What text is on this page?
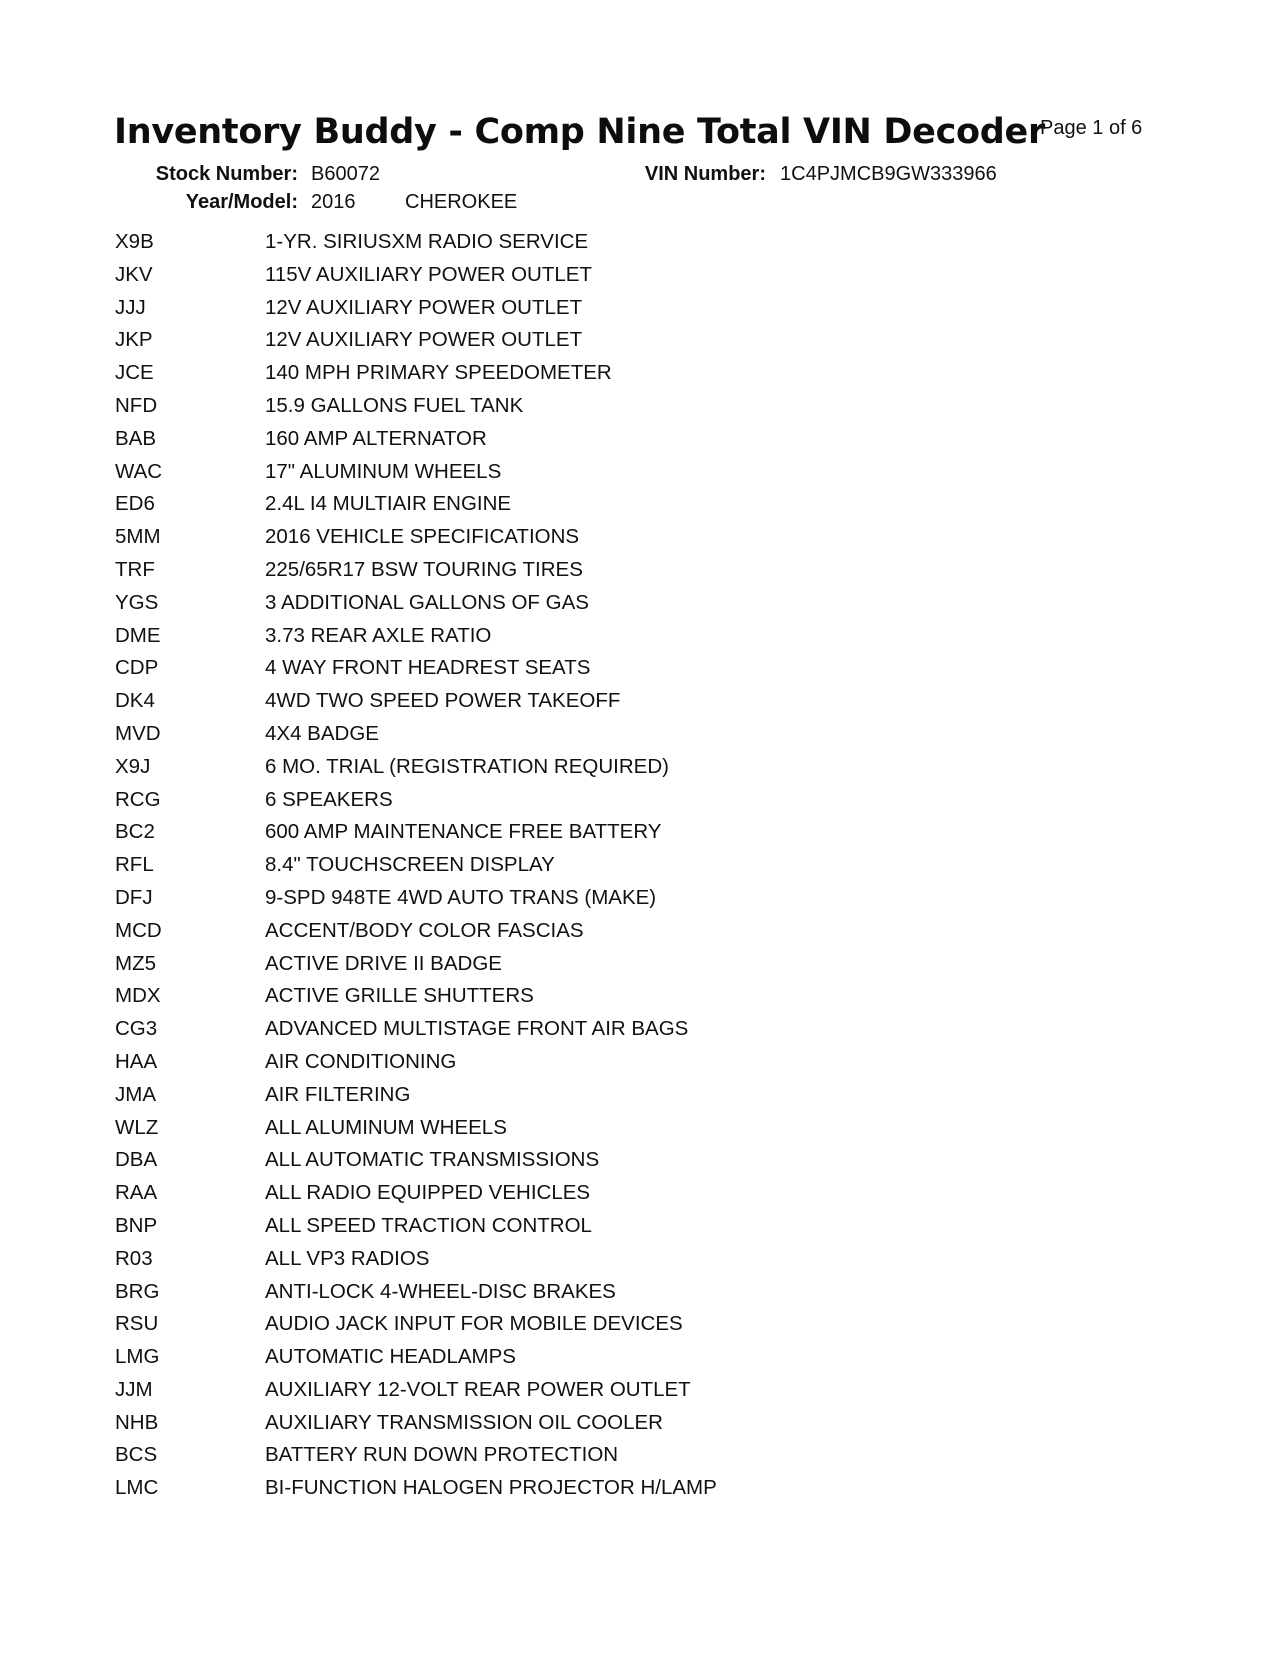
Inventory Buddy - Comp Nine Total VIN Decoder
Page 1 of 6
Stock Number: B60072	VIN Number: 1C4PJMCB9GW333966
Year/Model: 2016 CHEROKEE
X9B	1-YR. SIRIUSXM RADIO SERVICE
JKV	115V AUXILIARY POWER OUTLET
JJJ	12V AUXILIARY POWER OUTLET
JKP	12V AUXILIARY POWER OUTLET
JCE	140 MPH PRIMARY SPEEDOMETER
NFD	15.9 GALLONS FUEL TANK
BAB	160 AMP ALTERNATOR
WAC	17" ALUMINUM WHEELS
ED6	2.4L I4 MULTIAIR ENGINE
5MM	2016 VEHICLE SPECIFICATIONS
TRF	225/65R17 BSW TOURING TIRES
YGS	3 ADDITIONAL GALLONS OF GAS
DME	3.73 REAR AXLE RATIO
CDP	4 WAY FRONT HEADREST SEATS
DK4	4WD TWO SPEED POWER TAKEOFF
MVD	4X4 BADGE
X9J	6 MO. TRIAL (REGISTRATION REQUIRED)
RCG	6 SPEAKERS
BC2	600 AMP MAINTENANCE FREE BATTERY
RFL	8.4" TOUCHSCREEN DISPLAY
DFJ	9-SPD 948TE 4WD AUTO TRANS (MAKE)
MCD	ACCENT/BODY COLOR FASCIAS
MZ5	ACTIVE DRIVE II BADGE
MDX	ACTIVE GRILLE SHUTTERS
CG3	ADVANCED MULTISTAGE FRONT AIR BAGS
HAA	AIR CONDITIONING
JMA	AIR FILTERING
WLZ	ALL ALUMINUM WHEELS
DBA	ALL AUTOMATIC TRANSMISSIONS
RAA	ALL RADIO EQUIPPED VEHICLES
BNP	ALL SPEED TRACTION CONTROL
R03	ALL VP3 RADIOS
BRG	ANTI-LOCK 4-WHEEL-DISC BRAKES
RSU	AUDIO JACK INPUT FOR MOBILE DEVICES
LMG	AUTOMATIC HEADLAMPS
JJM	AUXILIARY 12-VOLT REAR POWER OUTLET
NHB	AUXILIARY TRANSMISSION OIL COOLER
BCS	BATTERY RUN DOWN PROTECTION
LMC	BI-FUNCTION HALOGEN PROJECTOR H/LAMP
